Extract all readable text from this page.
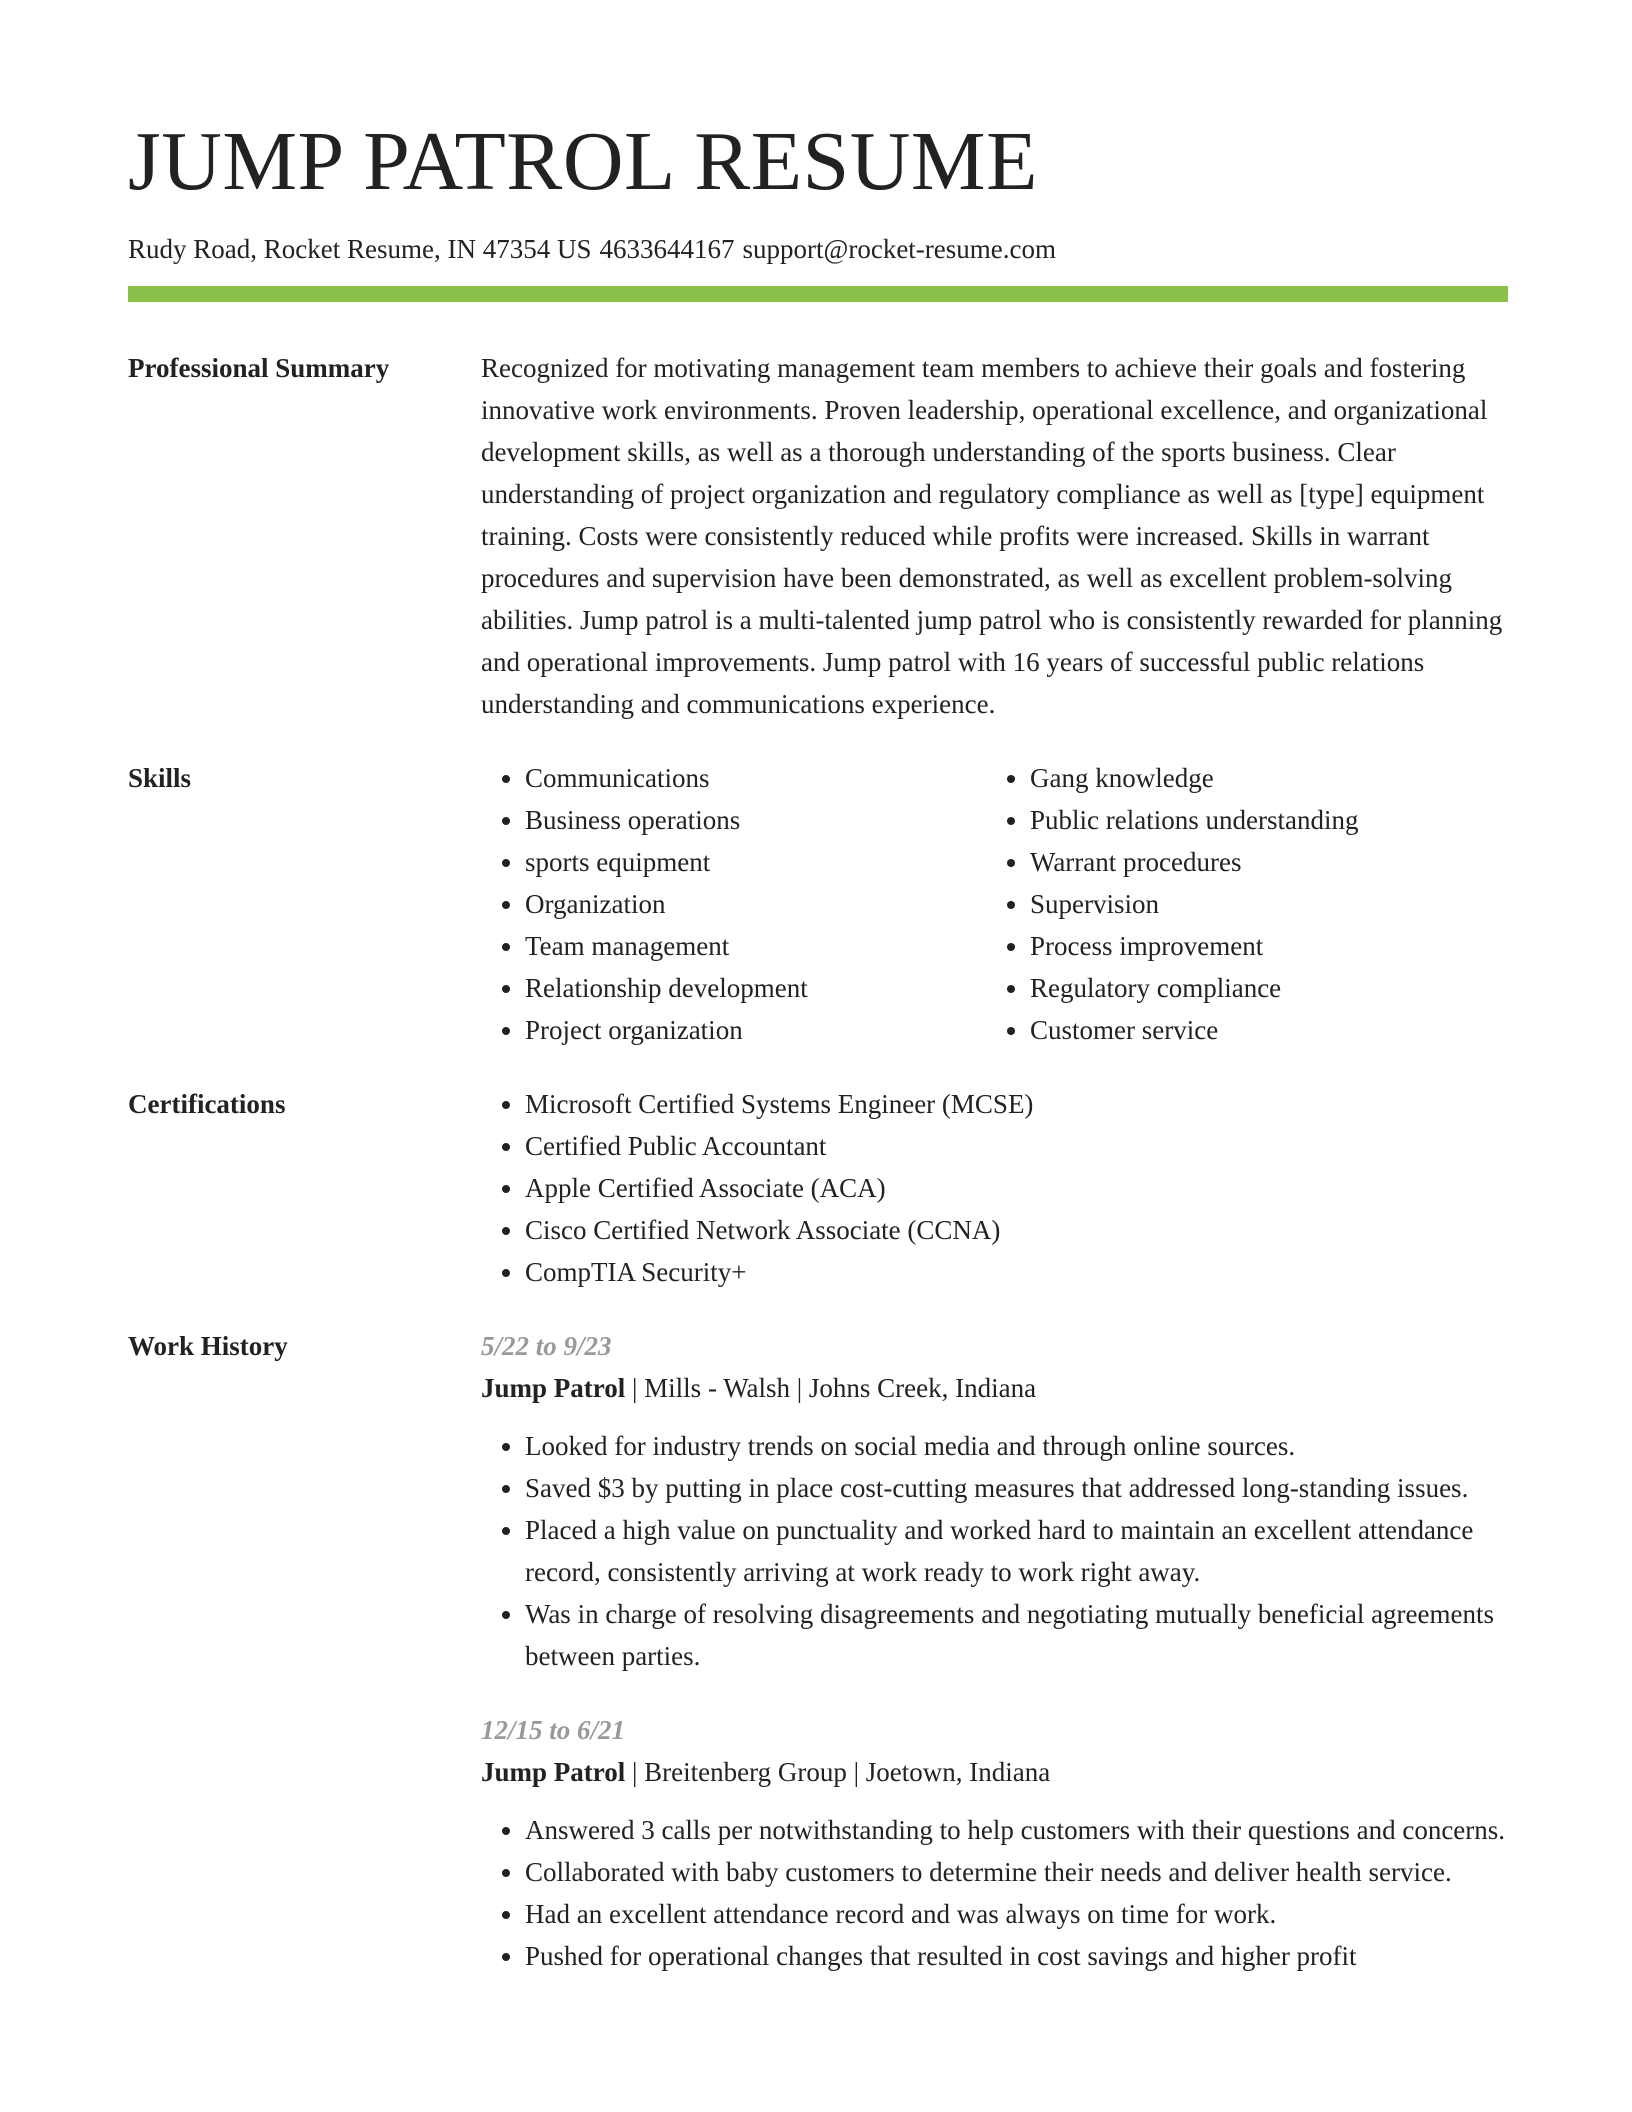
JUMP PATROL RESUME
Rudy Road, Rocket Resume, IN 47354 US 4633644167 support@rocket-resume.com
Professional Summary	Recognized for motivating management team members to achieve their goals and fostering innovative work environments. Proven leadership, operational excellence, and organizational development skills, as well as a thorough understanding of the sports business. Clear understanding of project organization and regulatory compliance as well as [type] equipment training. Costs were consistently reduced while profits were increased. Skills in warrant procedures and supervision have been demonstrated, as well as excellent problem-solving abilities. Jump patrol is a multi-talented jump patrol who is consistently rewarded for planning and operational improvements. Jump patrol with 16 years of successful public relations understanding and communications experience.

Skills	• Communications
• Business operations
• sports equipment
• Organization
• Team management
• Relationship development
• Project organization
• Gang knowledge
• Public relations understanding
• Warrant procedures
• Supervision
• Process improvement
• Regulatory compliance
• Customer service
Certifications	• Microsoft Certified Systems Engineer (MCSE)
• Certified Public Accountant
• Apple Certified Associate (ACA)
• Cisco Certified Network Associate (CCNA)
• CompTIA Security+
Work History	5/22 to 9/23
Jump Patrol | Mills - Walsh | Johns Creek, Indiana
• Looked for industry trends on social media and through online sources.
• Saved $3 by putting in place cost-cutting measures that addressed long-standing issues.
• Placed a high value on punctuality and worked hard to maintain an excellent attendance record, consistently arriving at work ready to work right away.
• Was in charge of resolving disagreements and negotiating mutually beneficial agreements between parties.
12/15 to 6/21
Jump Patrol | Breitenberg Group | Joetown, Indiana
• Answered 3 calls per notwithstanding to help customers with their questions and concerns.
• Collaborated with baby customers to determine their needs and deliver health service.
• Had an excellent attendance record and was always on time for work.
• Pushed for operational changes that resulted in cost savings and higher profit
